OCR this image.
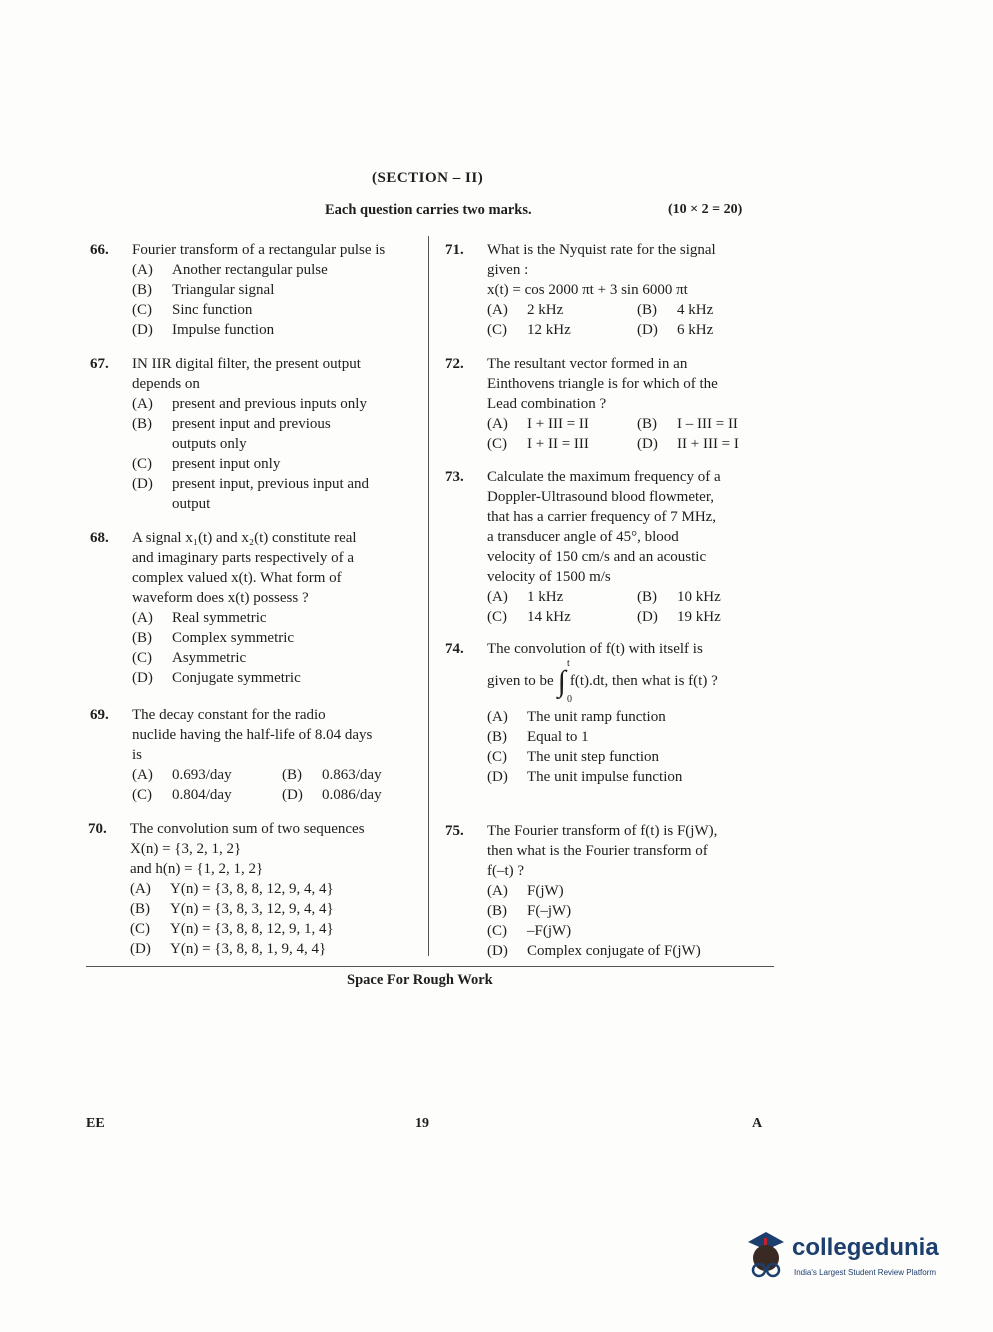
(SECTION – II)
Each question carries two marks.	(10 × 2 = 20)
66. Fourier transform of a rectangular pulse is
(A) Another rectangular pulse
(B) Triangular signal
(C) Sinc function
(D) Impulse function
67. IN IIR digital filter, the present output
depends on
(A) present and previous inputs only
(B) present input and previous
outputs only
(C) present input only
(D) present input, previous input and
output
68. A signal x₁(t) and x₂(t) constitute real
and imaginary parts respectively of a
complex valued x(t). What form of
waveform does x(t) possess ?
(A) Real symmetric
(B) Complex symmetric
(C) Asymmetric
(D) Conjugate symmetric
69. The decay constant for the radio
nuclide having the half-life of 8.04 days
is
(A) 0.693/day	(B) 0.863/day
(C) 0.804/day	(D) 0.086/day
70. The convolution sum of two sequences
X(n) = {3, 2, 1, 2}
and h(n) = {1, 2, 1, 2}
(A) Y(n) = {3, 8, 8, 12, 9, 4, 4}
(B) Y(n) = {3, 8, 3, 12, 9, 4, 4}
(C) Y(n) = {3, 8, 8, 12, 9, 1, 4}
(D) Y(n) = {3, 8, 8, 1, 9, 4, 4}
71. What is the Nyquist rate for the signal
given :
x(t) = cos 2000 πt + 3 sin 6000 πt
(A) 2 kHz	(B) 4 kHz
(C) 12 kHz	(D) 6 kHz
72. The resultant vector formed in an
Einthovens triangle is for which of the
Lead combination ?
(A) I + III = II	(B) I – III = II
(C) I + II = III	(D) II + III = I
73. Calculate the maximum frequency of a
Doppler-Ultrasound blood flowmeter,
that has a carrier frequency of 7 MHz,
a transducer angle of 45°, blood
velocity of 150 cm/s and an acoustic
velocity of 1500 m/s
(A) 1 kHz	(B) 10 kHz
(C) 14 kHz	(D) 19 kHz
74. The convolution of f(t) with itself is
t
given to be ∫ f(t).dt, then what is f(t) ?
0
(A) The unit ramp function
(B) Equal to 1
(C) The unit step function
(D) The unit impulse function
75. The Fourier transform of f(t) is F(jW),
then what is the Fourier transform of
f(–t) ?
(A) F(jW)
(B) F(–jW)
(C) –F(jW)
(D) Complex conjugate of F(jW)
Space For Rough Work
EE	19	A
collegedunia
India's Largest Student Review Platform
